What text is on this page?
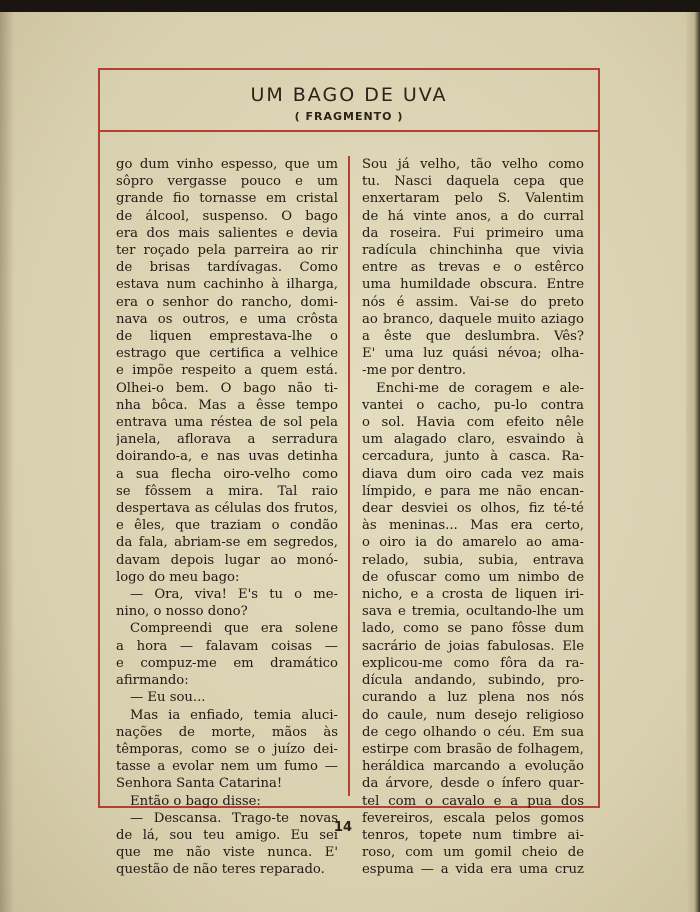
UM BAGO DE UVA
( FRAGMENTO )
go dum vinho espesso, que um
sôpro vergasse pouco e um
grande fio tornasse em cristal
de álcool, suspenso. O bago
era dos mais salientes e devia
ter roçado pela parreira ao rir
de brisas tardívagas. Como
estava num cachinho à ilharga,
era o senhor do rancho, domi-
nava os outros, e uma crôsta
de liquen emprestava-lhe o
estrago que certifica a velhice
e impõe respeito a quem está.
Olhei-o bem. O bago não ti-
nha bôca. Mas a êsse tempo
entrava uma réstea de sol pela
janela, aflorava a serradura
doirando-a, e nas uvas detinha
a sua flecha oiro-velho como
se fôssem a mira. Tal raio
despertava as células dos frutos,
e êles, que traziam o condão
da fala, abriam-se em segredos,
davam depois lugar ao monó-
logo do meu bago:
— Ora, viva! E's tu o me-
nino, o nosso dono?
Compreendi que era solene
a hora — falavam coisas —
e compuz-me em dramático
afirmando:
— Eu sou...
Mas ia enfiado, temia aluci-
nações de morte, mãos às
têmporas, como se o juízo dei-
tasse a evolar nem um fumo —
Senhora Santa Catarina!
Então o bago disse:
— Descansa. Trago-te novas
de lá, sou teu amigo. Eu sei
que me não viste nunca. E'
questão de não teres reparado.
Sou já velho, tão velho como
tu. Nasci daquela cepa que
enxertaram pelo S. Valentim
de há vinte anos, a do curral
da roseira. Fui primeiro uma
radícula chinchinha que vivia
entre as trevas e o estêrco
uma humildade obscura. Entre
nós é assim. Vai-se do preto
ao branco, daquele muito aziago
a êste que deslumbra. Vês?
E' uma luz quási névoa; olha-
-me por dentro.
Enchi-me de coragem e ale-
vantei o cacho, pu-lo contra
o sol. Havia com efeito nêle
um alagado claro, esvaindo à
cercadura, junto à casca. Ra-
diava dum oiro cada vez mais
límpido, e para me não encan-
dear desviei os olhos, fiz té-té
às meninas... Mas era certo,
o oiro ia do amarelo ao ama-
relado, subia, subia, entrava
de ofuscar como um nimbo de
nicho, e a crosta de liquen iri-
sava e tremia, ocultando-lhe um
lado, como se pano fôsse dum
sacrário de joias fabulosas. Ele
explicou-me como fôra da ra-
dícula andando, subindo, pro-
curando a luz plena nos nós
do caule, num desejo religioso
de cego olhando o céu. Em sua
estirpe com brasão de folhagem,
heráldica marcando a evolução
da árvore, desde o ínfero quar-
tel com o cavalo e a pua dos
fevereiros, escala pelos gomos
tenros, topete num timbre ai-
roso, com um gomil cheio de
espuma — a vida era uma cruz
14
